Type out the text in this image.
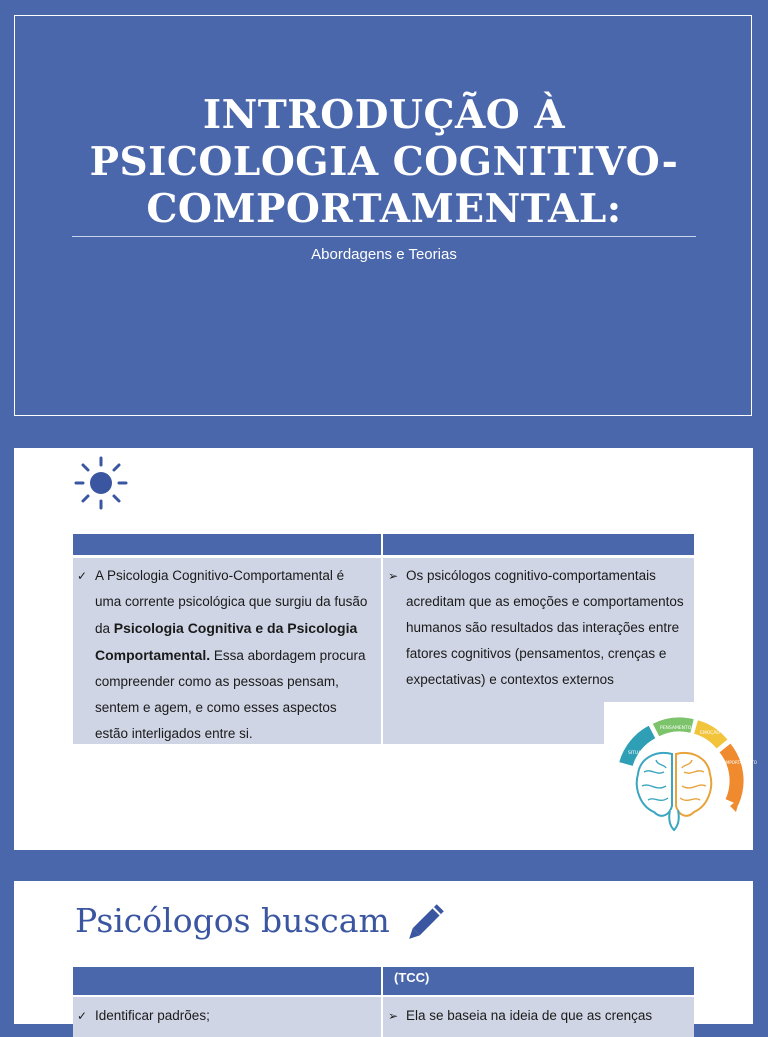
INTRODUÇÃO À
PSICOLOGIA COGNITIVO-
COMPORTAMENTAL:
Abordagens e Teorias
✓ A Psicologia Cognitivo-Comportamental é uma corrente psicológica que surgiu da fusão da Psicologia Cognitiva e da Psicologia Comportamental. Essa abordagem procura compreender como as pessoas pensam, sentem e agem, e como esses aspectos estão interligados entre si.
➢ Os psicólogos cognitivo-comportamentais acreditam que as emoções e comportamentos humanos são resultados das interações entre fatores cognitivos (pensamentos, crenças e expectativas) e contextos externos
SITUAÇÃO
PENSAMENTO
EMOÇÃO
COMPORTAMENTO
Psicólogos buscam
(TCC)
✓ Identificar padrões;	➢ Ela se baseia na ideia de que as crenças
